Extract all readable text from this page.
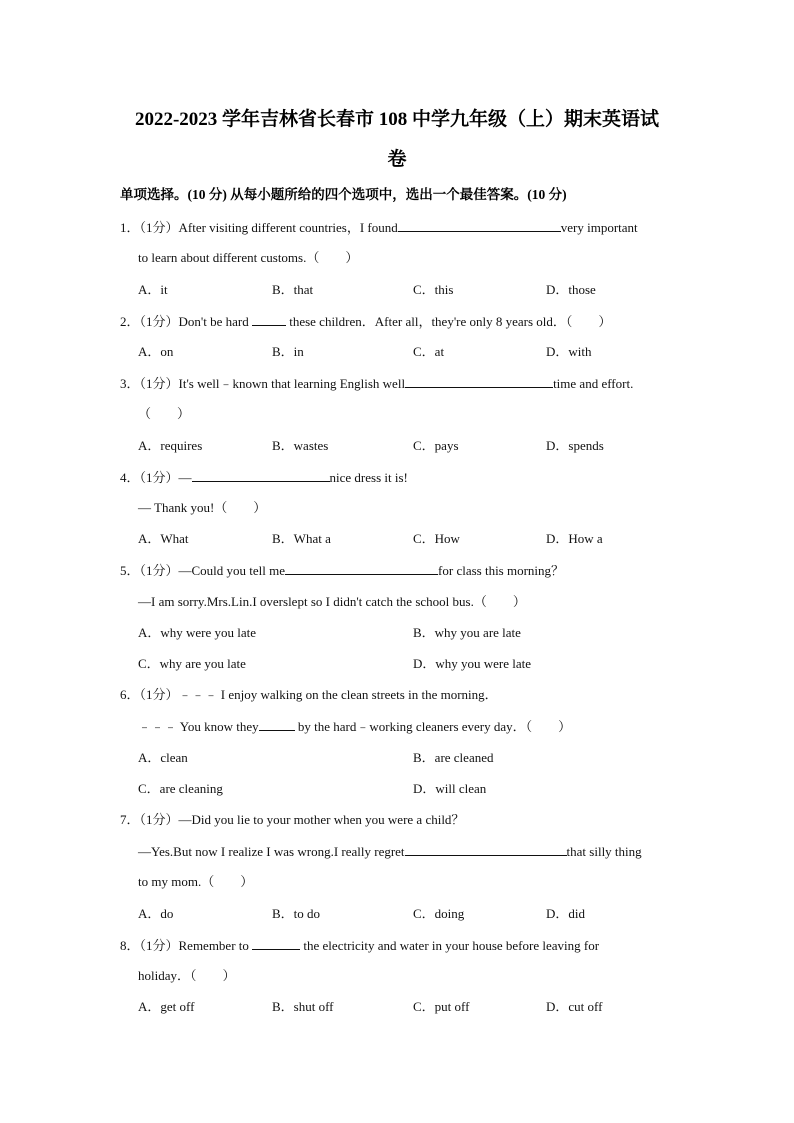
2022-2023 学年吉林省长春市 108 中学九年级（上）期末英语试
卷
单项选择。(10 分) 从每小题所给的四个选项中，选出一个最佳答案。(10 分)
1．（1分）After visiting different countries，I found	very important
to learn about different customs.（　　）
A．it	B．that	C．this	D．those
2．（1分）Don't be hard	these children．After all，they're only 8 years old．（　　）
A．on	B．in	C．at	D．with
3．（1分）It's well﹣known that learning English well	time and effort.
（　　）
A．requires	B．wastes	C．pays	D．spends
4．（1分）—	nice dress it is!
— Thank you!（　　）
A．What	B．What a	C．How	D．How a
5．（1分）—Could you tell me	for class this morning？
—I am sorry.Mrs.Lin.I overslept so I didn't catch the school bus.（　　）
A．why were you late	B．why you are late
C．why are you late	D．why you were late
6．（1分）﹣﹣﹣ I enjoy walking on the clean streets in the morning．
﹣﹣﹣ You know they	by the hard﹣working cleaners every day．（　　）
A．clean	B．are cleaned
C．are cleaning	D．will clean
7．（1分）—Did you lie to your mother when you were a child？
—Yes.But now I realize I was wrong.I really regret	that silly thing
to my mom.（　　）
A．do	B．to do	C．doing	D．did
8．（1分）Remember to	the electricity and water in your house before leaving for
holiday．（　　）
A．get off	B．shut off	C．put off	D．cut off
